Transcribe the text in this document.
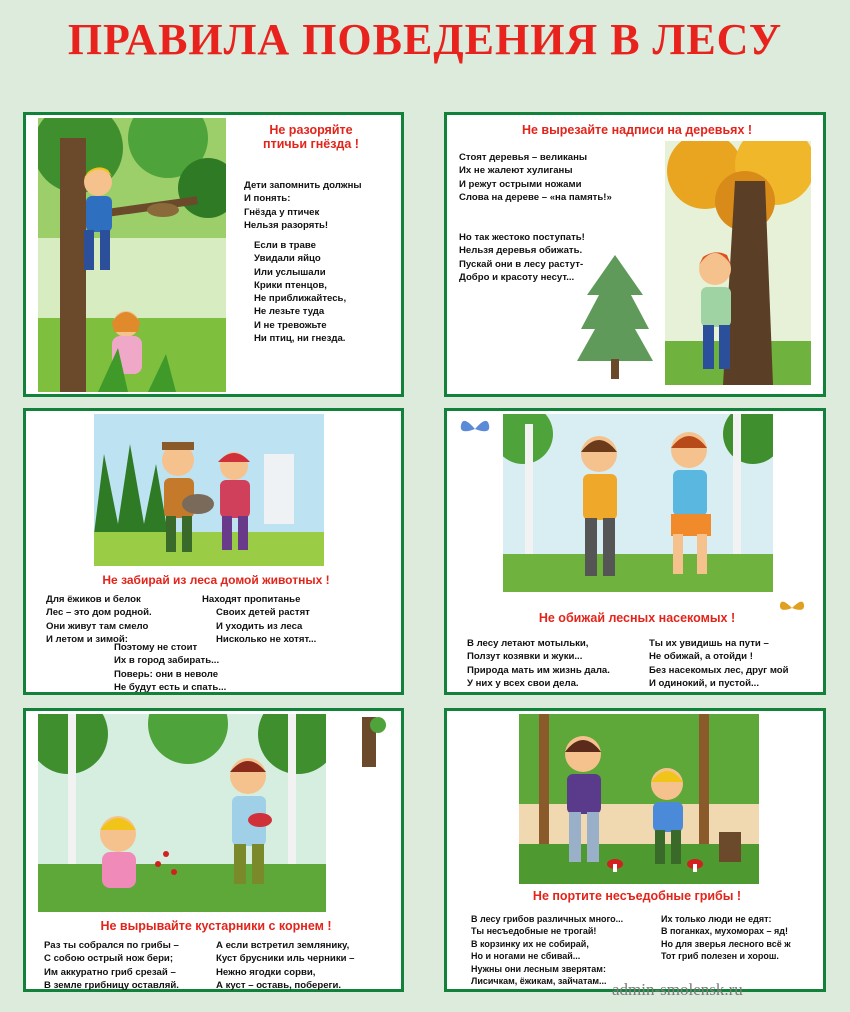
ПРАВИЛА ПОВЕДЕНИЯ В ЛЕСУ
Не разоряйте
птичьи гнёзда !
Дети запомнить должны
И понять:
Гнёзда у птичек
Нельзя разорять!
Если в траве
Увидали яйцо
Или услышали
Крики птенцов,
Не приближайтесь,
Не лезьте туда
И не тревожьте
Ни птиц, ни гнезда.
Не вырезайте надписи на деревьях !
Стоят деревья – великаны
Их не жалеют хулиганы
И режут острыми ножами
Слова на дереве – «на память!»
Но так жестоко поступать!
Нельзя деревья обижать.
Пускай они в лесу растут-
Добро и красоту несут...
Не забирай из леса домой животных !
Для ёжиков и белок
Лес – это дом родной.
Они живут там смело
И летом и зимой:
Находят пропитанье
Своих детей растят
И уходить из леса
Нисколько не хотят...
Поэтому не стоит
Их в город забирать...
Поверь: они в неволе
Не будут есть и спать...
Не обижай лесных насекомых !
В лесу летают мотыльки,
Ползут козявки и жуки...
Природа мать им жизнь дала.
У них у всех свои дела.
Ты их увидишь на пути –
Не обижай, а отойди !
Без насекомых лес, друг мой
И одинокий, и пустой...
Не вырывайте кустарники с корнем !
Раз ты собрался по грибы –
С собою острый нож бери;
Им аккуратно гриб срезай –
В земле грибницу оставляй.
А если встретил землянику,
Куст брусники иль черники –
Нежно ягодки сорви,
А куст – оставь, побереги.
Не портите несъедобные грибы !
В лесу грибов различных много...
Ты несъедобные не трогай!
В корзинку их не собирай,
Но и ногами не сбивай...
Нужны они лесным зверятам:
Лисичкам, ёжикам, зайчатам...
Их только люди не едят:
В поганках, мухоморах – яд!
Но для зверья лесного всё ж
Тот гриб полезен и хорош.
admin-smolensk.ru
